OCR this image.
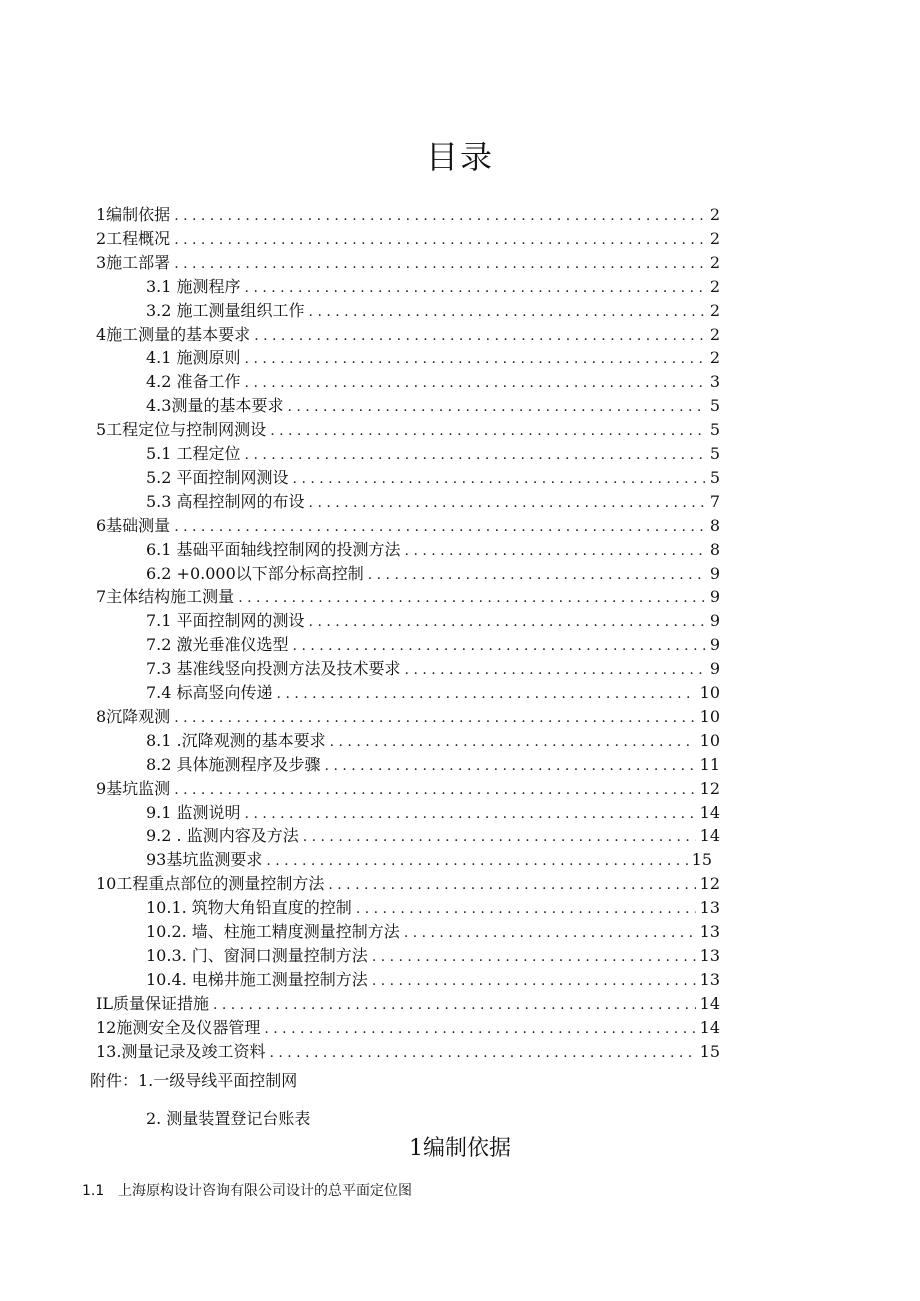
目录
1编制依据 . . .	2
2工程概况 . . .	2
3施工部署 . . .	2
3.1 施测程序 . . .	2
3.2 施工测量组织工作 . . .	2
4施工测量的基本要求 . . .	2
4.1 施测原则 . . .	2
4.2 准备工作 . . .	3
4.3测量的基本要求 . . .	5
5工程定位与控制网测设 . . .	5
5.1 工程定位 . . .	5
5.2 平面控制网测设 . . .	5
5.3 高程控制网的布设 . . .	7
6基础测量 . . .	8
6.1 基础平面轴线控制网的投测方法 . . .	8
6.2 +0.000以下部分标高控制 . . .	9
7主体结构施工测量 . . .	9
7.1 平面控制网的测设 . . .	9
7.2 激光垂准仪选型 . . .	9
7.3 基准线竖向投测方法及技术要求 . . .	9
7.4 标高竖向传递 . . .	10
8沉降观测 . . .	10
8.1 .沉降观测的基本要求 . . .	10
8.2 具体施测程序及步骤 . . .	11
9基坑监测 . . .	12
9.1 监测说明 . . .	14
9.2 . 监测内容及方法 . . .	14
93基坑监测要求 . . .	15
10工程重点部位的测量控制方法 . . .	12
10.1. 筑物大角铅直度的控制 . . .	13
10.2. 墙、柱施工精度测量控制方法 . . .	13
10.3. 门、窗洞口测量控制方法 . . .	13
10.4. 电梯井施工测量控制方法 . . .	13
IL质量保证措施 . . .	14
12施测安全及仪器管理 . . .	14
13.测量记录及竣工资料 . . .	15
附件：1.一级导线平面控制网
2. 测量装置登记台账表
1编制依据
1.1 上海原构设计咨询有限公司设计的总平面定位图
